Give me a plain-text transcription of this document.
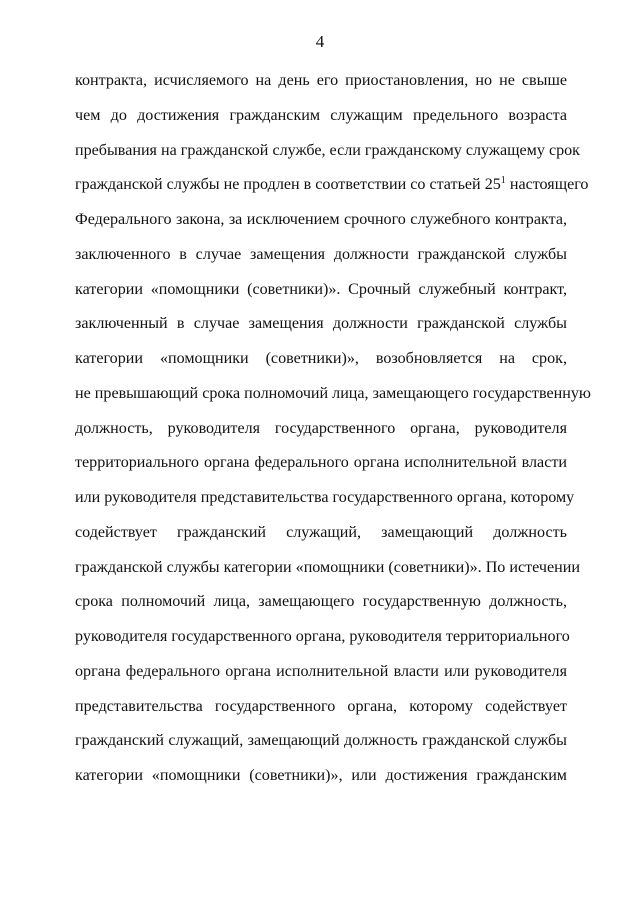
4
контракта, исчисляемого на день его приостановления, но не свыше
чем до достижения гражданским служащим предельного возраста
пребывания на гражданской службе, если гражданскому служащему срок
гражданской службы не продлен в соответствии со статьей $25^1$ настоящего
Федерального закона, за исключением срочного служебного контракта,
заключенного в случае замещения должности гражданской службы
категории «помощники (советники)». Срочный служебный контракт,
заключенный в случае замещения должности гражданской службы
категории «помощники (советники)», возобновляется на срок,
не превышающий срока полномочий лица, замещающего государственную
должность, руководителя государственного органа, руководителя
территориального органа федерального органа исполнительной власти
или руководителя представительства государственного органа, которому
содействует гражданский служащий, замещающий должность
гражданской службы категории «помощники (советники)». По истечении
срока полномочий лица, замещающего государственную должность,
руководителя государственного органа, руководителя территориального
органа федерального органа исполнительной власти или руководителя
представительства государственного органа, которому содействует
гражданский служащий, замещающий должность гражданской службы
категории «помощники (советники)», или достижения гражданским
